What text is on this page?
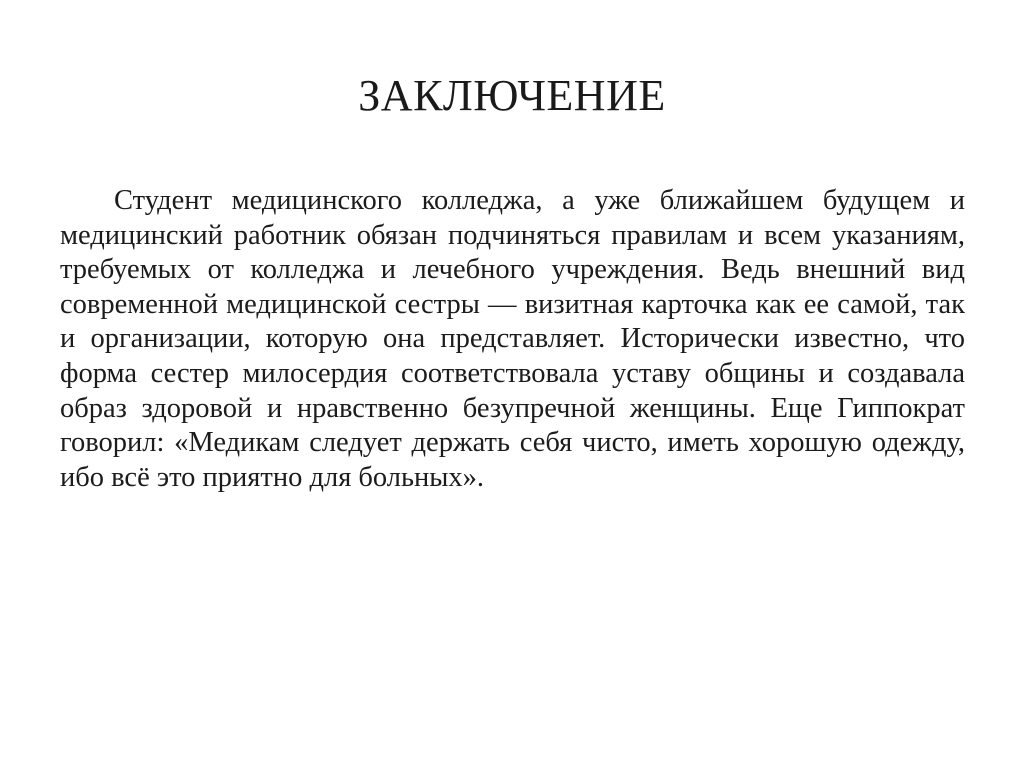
ЗАКЛЮЧЕНИЕ

Студент медицинского колледжа, а уже ближайшем будущем и медицинский работник обязан подчиняться правилам и всем указаниям, требуемых от колледжа и лечебного учреждения. Ведь внешний вид современной медицинской сестры — визитная карточка как ее самой, так и организации, которую она представляет. Исторически известно, что форма сестер милосердия соответствовала уставу общины и создавала образ здоровой и нравственно безупречной женщины. Еще Гиппократ говорил: «Медикам следует держать себя чисто, иметь хорошую одежду, ибо всё это приятно для больных».
